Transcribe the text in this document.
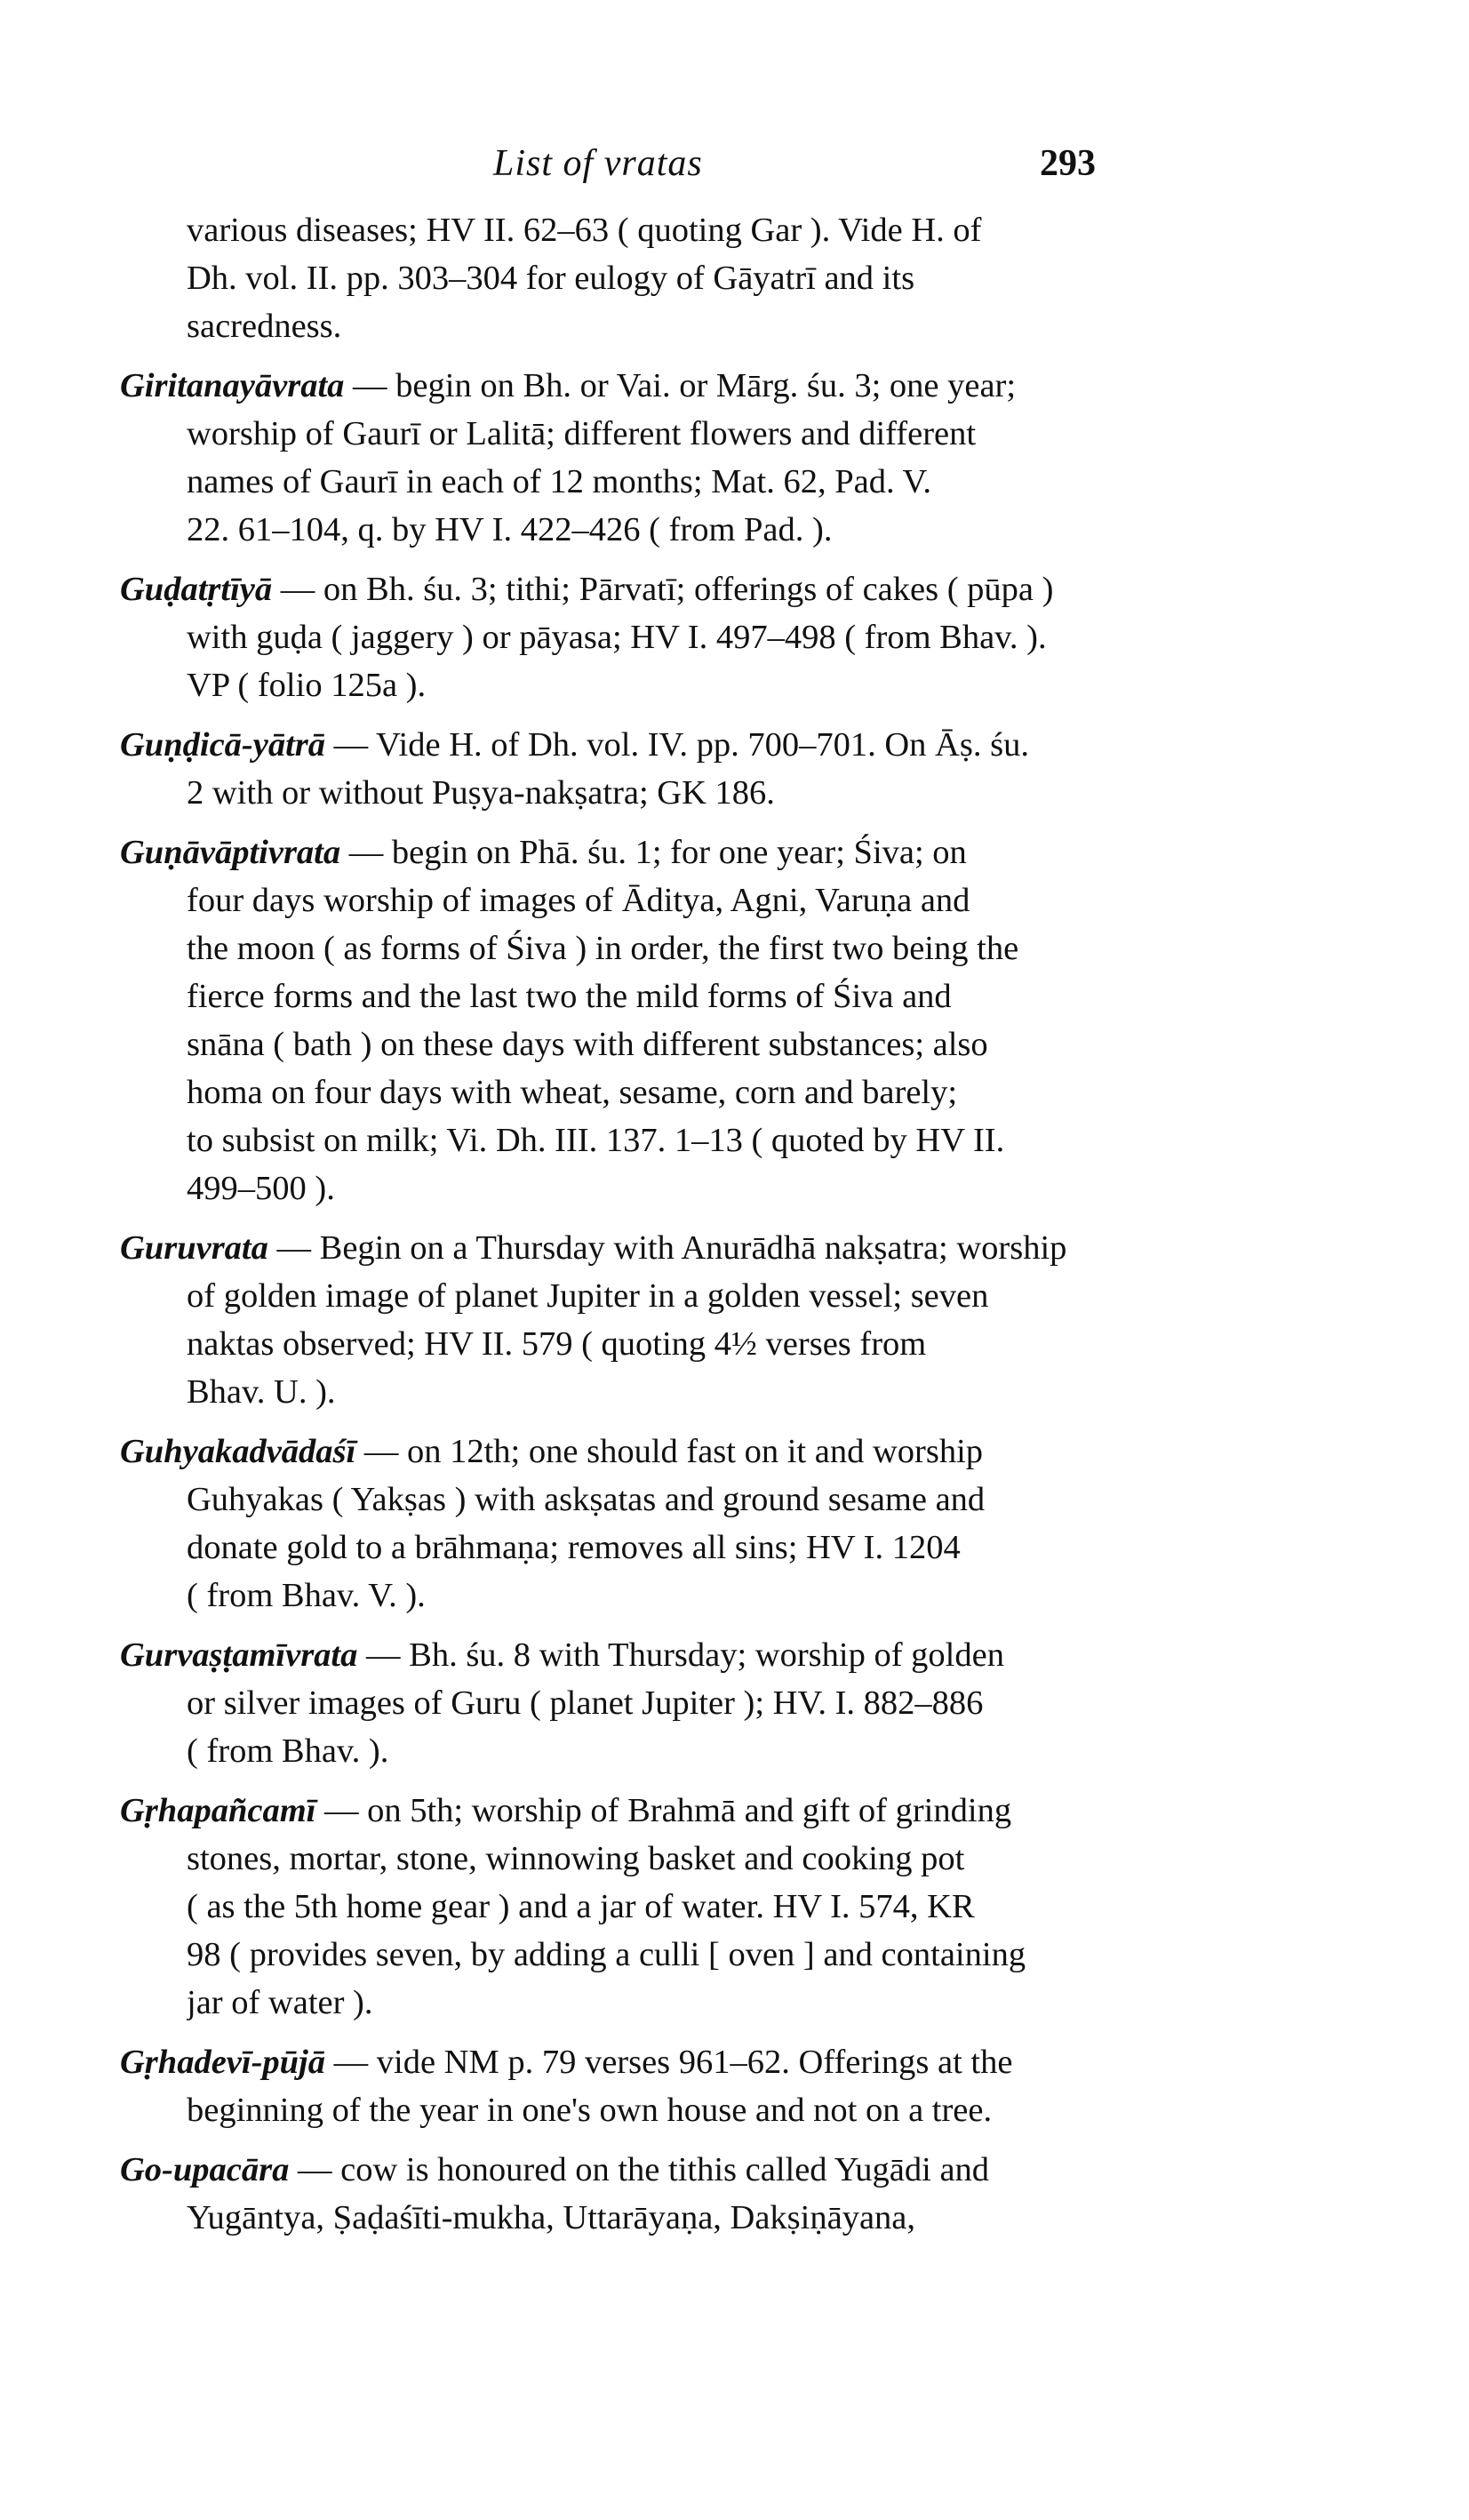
List of vratas	293

various diseases; HV II. 62–63 ( quoting Gar ). Vide H. of

Dh. vol. II. pp. 303–304 for eulogy of Gāyatrī and its

sacredness.

Giritanayāvrata — begin on Bh. or Vai. or Mārg. śu. 3; one year;

worship of Gaurī or Lalitā; different flowers and different

names of Gaurī in each of 12 months; Mat. 62, Pad. V.

22. 61–104, q. by HV I. 422–426 ( from Pad. ).

Guḍatṛtīyā — on Bh. śu. 3; tithi; Pārvatī; offerings of cakes ( pūpa )

with guḍa ( jaggery ) or pāyasa; HV I. 497–498 ( from Bhav. ).

VP ( folio 125a ).

Guṇḍicā-yātrā — Vide H. of Dh. vol. IV. pp. 700–701. On Āṣ. śu.

2 with or without Puṣya-nakṣatra; GK 186.

Guṇāvāptivrata — begin on Phā. śu. 1; for one year; Śiva; on

four days worship of images of Āditya, Agni, Varuṇa and

the moon ( as forms of Śiva ) in order, the first two being the

fierce forms and the last two the mild forms of Śiva and

snāna ( bath ) on these days with different substances; also

homa on four days with wheat, sesame, corn and barely;

to subsist on milk; Vi. Dh. III. 137. 1–13 ( quoted by HV II.

499–500 ).

Guruvrata — Begin on a Thursday with Anurādhā nakṣatra; worship

of golden image of planet Jupiter in a golden vessel; seven

naktas observed; HV II. 579 ( quoting 4½ verses from

Bhav. U. ).

Guhyakadvādaśī — on 12th; one should fast on it and worship

Guhyakas ( Yakṣas ) with askṣatas and ground sesame and

donate gold to a brāhmaṇa; removes all sins; HV I. 1204

( from Bhav. V. ).

Gurvaṣṭamīvrata — Bh. śu. 8 with Thursday; worship of golden

or silver images of Guru ( planet Jupiter ); HV. I. 882–886

( from Bhav. ).

Gṛhapañcamī — on 5th; worship of Brahmā and gift of grinding

stones, mortar, stone, winnowing basket and cooking pot

( as the 5th home gear ) and a jar of water. HV I. 574, KR

98 ( provides seven, by adding a culli [ oven ] and containing

jar of water ).

Gṛhadevī-pūjā — vide NM p. 79 verses 961–62. Offerings at the

beginning of the year in one's own house and not on a tree.

Go-upacāra — cow is honoured on the tithis called Yugādi and

Yugāntya, Ṣaḍaśīti-mukha, Uttarāyaṇa, Dakṣiṇāyana,
